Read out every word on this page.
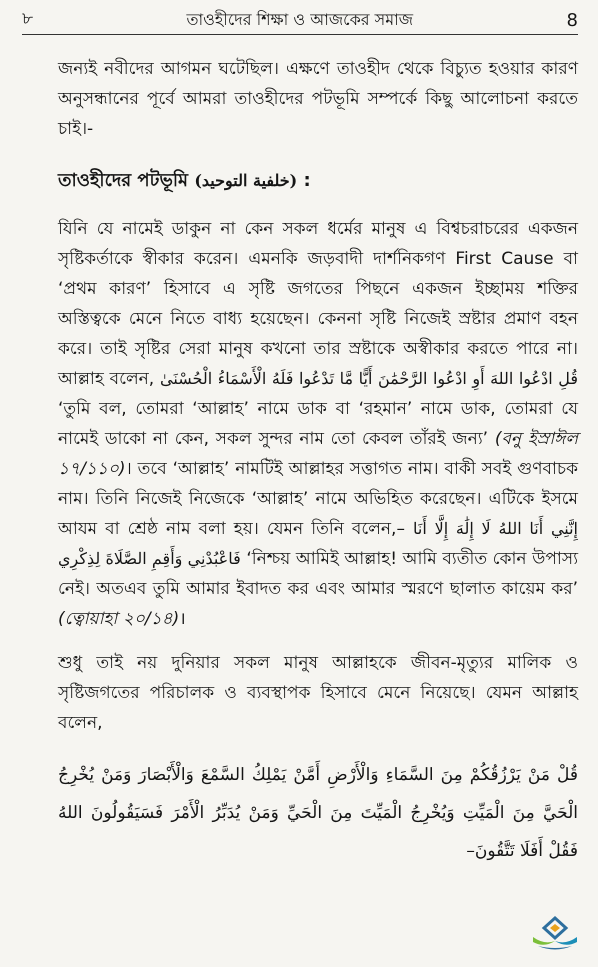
৮	তাওহীদের শিক্ষা ও আজকের সমাজ	8

জন্যই নবীদের আগমন ঘটেছিল। এক্ষণে তাওহীদ থেকে বিচ্যুত হওয়ার কারণ অনুসন্ধানের পূর্বে আমরা তাওহীদের পটভূমি সম্পর্কে কিছু আলোচনা করতে চাই।-

তাওহীদের পটভূমি (خلفية التوحيد) :

যিনি যে নামেই ডাকুন না কেন সকল ধর্মের মানুষ এ বিশ্বচরাচরের একজন সৃষ্টিকর্তাকে স্বীকার করেন। এমনকি জড়বাদী দার্শনিকগণ First Cause বা ‘প্রথম কারণ’ হিসাবে এ সৃষ্টি জগতের পিছনে একজন ইচ্ছাময় শক্তির অস্তিত্বকে মেনে নিতে বাধ্য হয়েছেন। কেননা সৃষ্টি নিজেই স্রষ্টার প্রমাণ বহন করে। তাই সৃষ্টির সেরা মানুষ কখনো তার স্রষ্টাকে অস্বীকার করতে পারে না। আল্লাহ বলেন, قُلِ ادْعُوا اللهَ أَوِ ادْعُوا الرَّحْمَٰنَ أَيًّا مَّا تَدْعُوا فَلَهُ الْأَسْمَاءُ الْحُسْنَىٰ ‘তুমি বল, তোমরা ‘আল্লাহ’ নামে ডাক বা ‘রহমান’ নামে ডাক, তোমরা যে নামেই ডাকো না কেন, সকল সুন্দর নাম তো কেবল তাঁরই জন্য’ (বনু ইস্রাঈল ১৭/১১০)। তবে ‘আল্লাহ’ নামটিই আল্লাহর সত্তাগত নাম। বাকী সবই গুণবাচক নাম। তিনি নিজেই নিজেকে ‘আল্লাহ’ নামে অভিহিত করেছেন। এটিকে ইসমে আযম বা শ্রেষ্ঠ নাম বলা হয়। যেমন তিনি বলেন,– إِنَّنِي أَنَا اللهُ لَا إِلَٰهَ إِلَّا أَنَا فَاعْبُدْنِي وَأَقِمِ الصَّلَاةَ لِذِكْرِي ‘নিশ্চয় আমিই আল্লাহ! আমি ব্যতীত কোন উপাস্য নেই। অতএব তুমি আমার ইবাদত কর এবং আমার স্মরণে ছালাত কায়েম কর’ (ত্বোয়াহা ২০/১৪)।

শুধু তাই নয় দুনিয়ার সকল মানুষ আল্লাহকে জীবন-মৃত্যুর মালিক ও সৃষ্টিজগতের পরিচালক ও ব্যবস্থাপক হিসাবে মেনে নিয়েছে। যেমন আল্লাহ বলেন,

قُلْ مَنْ يَرْزُقُكُمْ مِنَ السَّمَاءِ وَالْأَرْضِ أَمَّنْ يَمْلِكُ السَّمْعَ وَالْأَبْصَارَ وَمَنْ يُخْرِجُ الْحَيَّ مِنَ الْمَيِّتِ وَيُخْرِجُ الْمَيِّتَ مِنَ الْحَيِّ وَمَنْ يُدَبِّرُ الْأَمْرَ فَسَيَقُولُونَ اللهُ فَقُلْ أَفَلَا تَتَّقُونَ–
